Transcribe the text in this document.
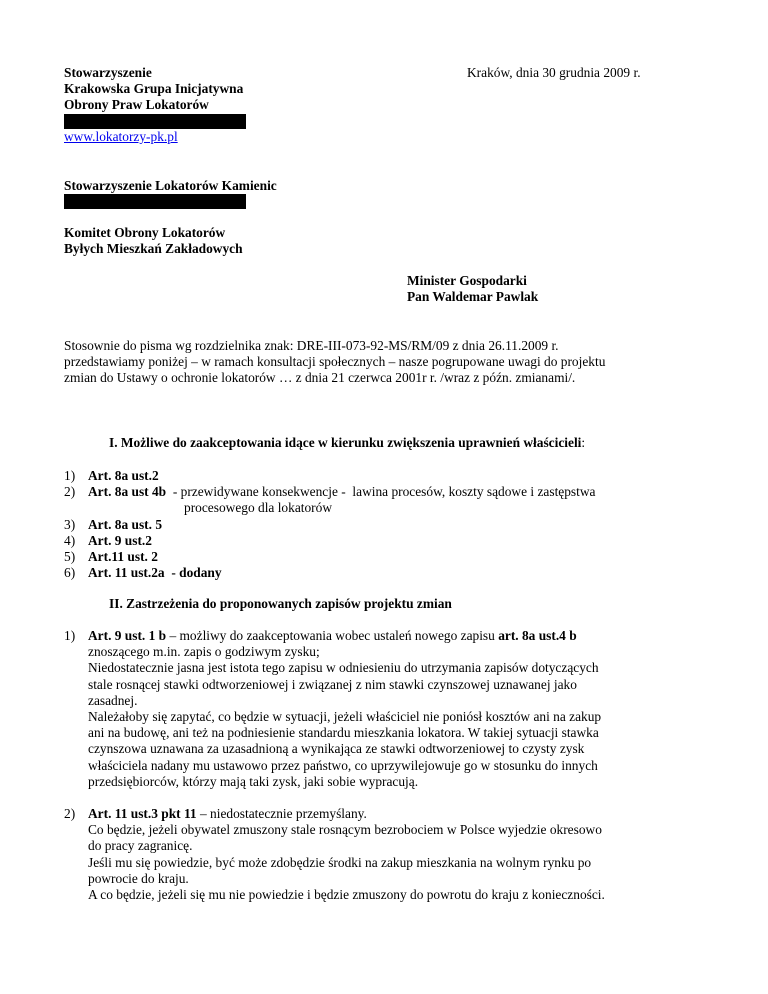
Stowarzyszenie
Krakowska Grupa Inicjatywna
Obrony Praw Lokatorów
www.lokatorzy-pk.pl
Stowarzyszenie Lokatorów Kamienic
Komitet Obrony Lokatorów
Byłych Mieszkań Zakładowych
Kraków, dnia 30 grudnia 2009 r.
Minister Gospodarki
Pan Waldemar Pawlak
Stosownie do pisma wg rozdzielnika znak: DRE-III-073-92-MS/RM/09 z dnia 26.11.2009 r.
przedstawiamy poniżej – w ramach konsultacji społecznych – nasze pogrupowane uwagi do projektu
zmian do Ustawy o ochronie lokatorów … z dnia 21 czerwca 2001r r. /wraz z późn. zmianami/.
I. Możliwe do zaakceptowania idące w kierunku zwiększenia uprawnień właścicieli:
1) Art. 8a ust.2
2) Art. 8a ust 4b - przewidywane konsekwencje -  lawina procesów, koszty sądowe i zastępstwa
procesowego dla lokatorów
3) Art. 8a ust. 5
4) Art. 9 ust.2
5) Art.11 ust. 2
6) Art. 11 ust.2a  - dodany
II. Zastrzeżenia do proponowanych zapisów projektu zmian
1) Art. 9 ust. 1 b – możliwy do zaakceptowania wobec ustaleń nowego zapisu art. 8a ust.4 b
znoszącego m.in. zapis o godziwym zysku;
Niedostatecznie jasna jest istota tego zapisu w odniesieniu do utrzymania zapisów dotyczących
stale rosnącej stawki odtworzeniowej i związanej z nim stawki czynszowej uznawanej jako
zasadnej.
Należałoby się zapytać, co będzie w sytuacji, jeżeli właściciel nie poniósł kosztów ani na zakup
ani na budowę, ani też na podniesienie standardu mieszkania lokatora. W takiej sytuacji stawka
czynszowa uznawana za uzasadnioną a wynikająca ze stawki odtworzeniowej to czysty zysk
właściciela nadany mu ustawowo przez państwo, co uprzywilejowuje go w stosunku do innych
przedsiębiorców, którzy mają taki zysk, jaki sobie wypracują.
2) Art. 11 ust.3 pkt 11 – niedostatecznie przemyślany.
Co będzie, jeżeli obywatel zmuszony stale rosnącym bezrobociem w Polsce wyjedzie okresowo
do pracy zagranicę.
Jeśli mu się powiedzie, być może zdobędzie środki na zakup mieszkania na wolnym rynku po
powrocie do kraju.
A co będzie, jeżeli się mu nie powiedzie i będzie zmuszony do powrotu do kraju z konieczności.
